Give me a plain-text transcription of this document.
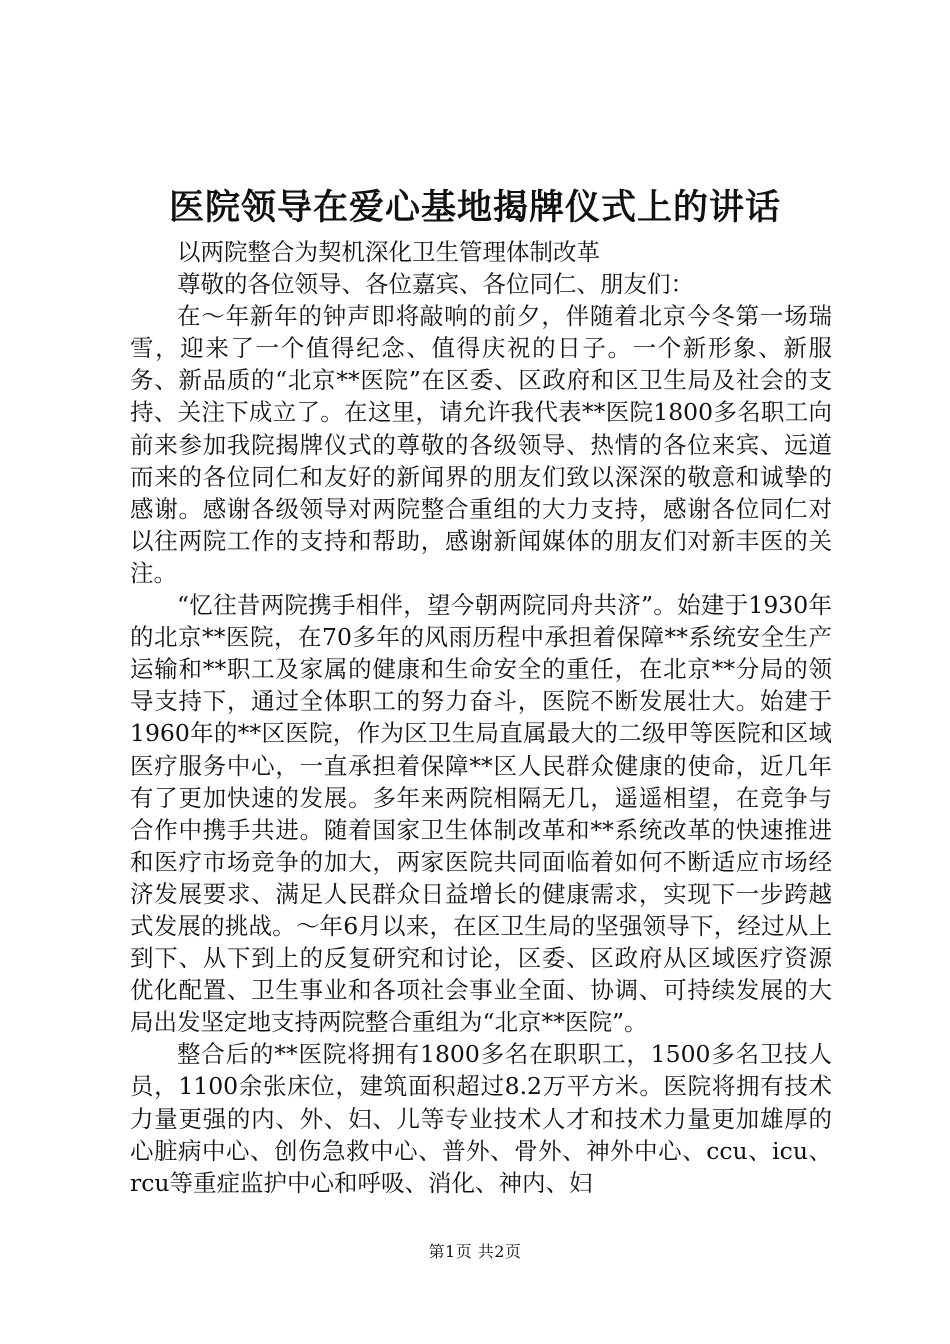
医院领导在爱心基地揭牌仪式上的讲话

以两院整合为契机深化卫生管理体制改革

尊敬的各位领导、各位嘉宾、各位同仁、朋友们：

在～年新年的钟声即将敲响的前夕，伴随着北京今冬第一场瑞雪，迎来了一个值得纪念、值得庆祝的日子。一个新形象、新服务、新品质的“北京**医院”在区委、区政府和区卫生局及社会的支持、关注下成立了。在这里，请允许我代表**医院1800多名职工向前来参加我院揭牌仪式的尊敬的各级领导、热情的各位来宾、远道而来的各位同仁和友好的新闻界的朋友们致以深深的敬意和诚挚的感谢。感谢各级领导对两院整合重组的大力支持，感谢各位同仁对以往两院工作的支持和帮助，感谢新闻媒体的朋友们对新丰医的关注。

“忆往昔两院携手相伴，望今朝两院同舟共济”。始建于1930年的北京**医院，在70多年的风雨历程中承担着保障**系统安全生产运输和**职工及家属的健康和生命安全的重任，在北京**分局的领导支持下，通过全体职工的努力奋斗，医院不断发展壮大。始建于1960年的**区医院，作为区卫生局直属最大的二级甲等医院和区域医疗服务中心，一直承担着保障**区人民群众健康的使命，近几年有了更加快速的发展。多年来两院相隔无几，遥遥相望，在竞争与合作中携手共进。随着国家卫生体制改革和**系统改革的快速推进和医疗市场竞争的加大，两家医院共同面临着如何不断适应市场经济发展要求、满足人民群众日益增长的健康需求，实现下一步跨越式发展的挑战。～年6月以来，在区卫生局的坚强领导下，经过从上到下、从下到上的反复研究和讨论，区委、区政府从区域医疗资源优化配置、卫生事业和各项社会事业全面、协调、可持续发展的大局出发坚定地支持两院整合重组为“北京**医院”。

整合后的**医院将拥有1800多名在职职工，1500多名卫技人员，1100余张床位，建筑面积超过8.2万平方米。医院将拥有技术力量更强的内、外、妇、儿等专业技术人才和技术力量更加雄厚的心脏病中心、创伤急救中心、普外、骨外、神外中心、ccu、icu、rcu等重症监护中心和呼吸、消化、神内、妇

第1页 共2页
